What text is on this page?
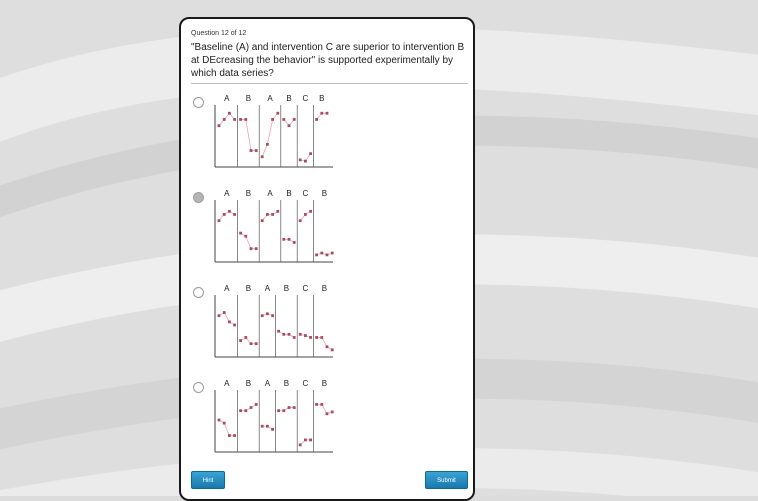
Question 12 of 12
"Baseline (A) and intervention C are superior to intervention B at DEcreasing the behavior" is supported experimentally by which data series?
A B A B C B
A B A B C B
A B A B C B
A B A B C B
Hint	Submit
